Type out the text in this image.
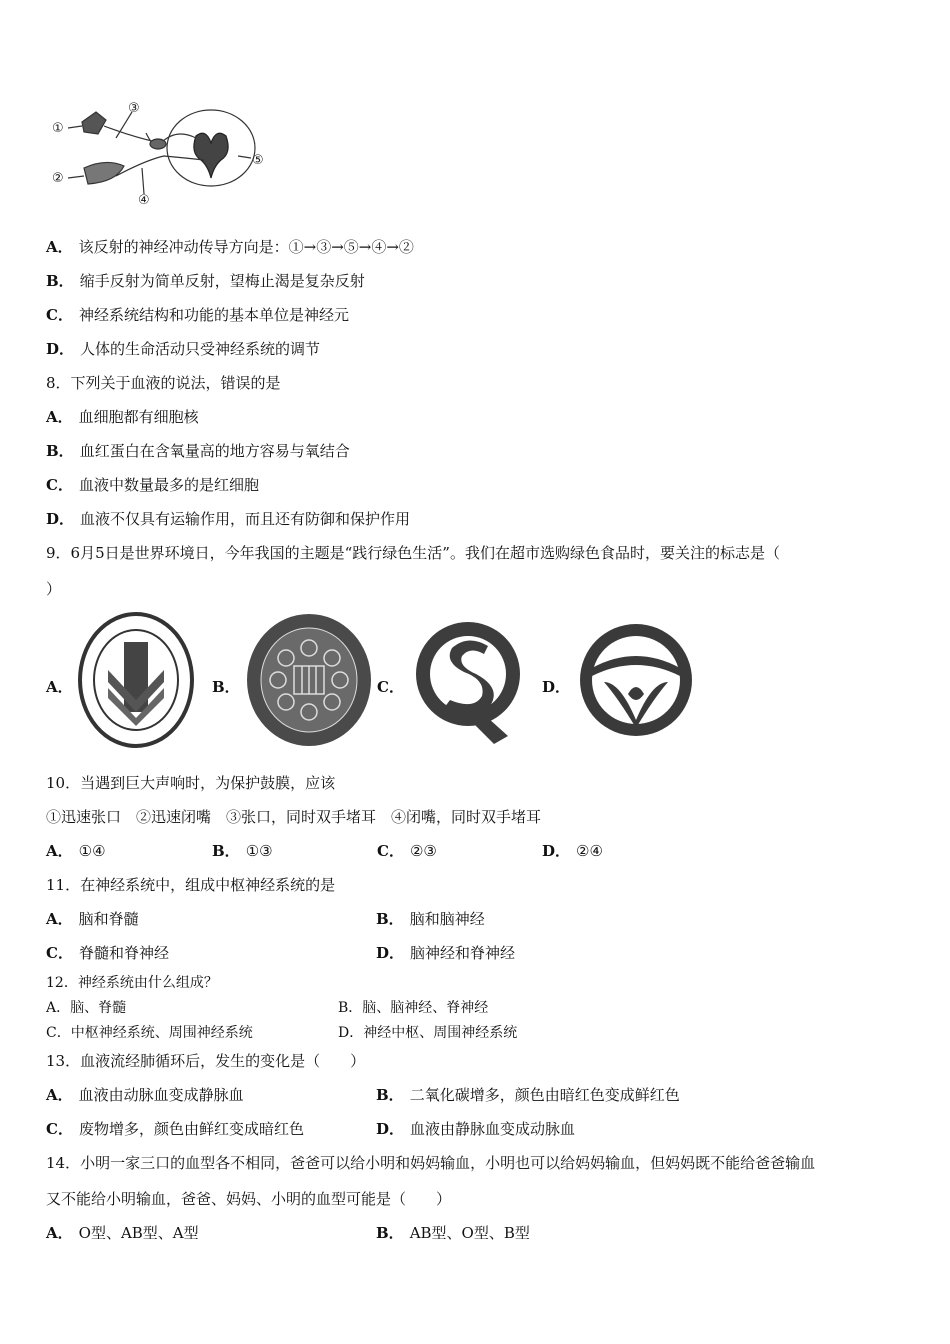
①
②
③
④
⑤
A． 该反射的神经冲动传导方向是：①→③→⑤→④→②
B． 缩手反射为简单反射，望梅止渴是复杂反射
C． 神经系统结构和功能的基本单位是神经元
D． 人体的生命活动只受神经系统的调节
8．下列关于血液的说法，错误的是
A． 血细胞都有细胞核
B． 血红蛋白在含氧量高的地方容易与氧结合
C． 血液中数量最多的是红细胞
D． 血液不仅具有运输作用，而且还有防御和保护作用
9．6月5日是世界环境日，今年我国的主题是“践行绿色生活”。我们在超市选购绿色食品时，要关注的标志是（
）
A．	B．	C．	D．
10．当遇到巨大声响时，为保护鼓膜，应该
①迅速张口　②迅速闭嘴　③张口，同时双手堵耳　④闭嘴，同时双手堵耳
A． ①④	B． ①③	C． ②③	D． ②④
11．在神经系统中，组成中枢神经系统的是
A． 脑和脊髓	B． 脑和脑神经
C． 脊髓和脊神经	D． 脑神经和脊神经
12．神经系统由什么组成？
A．脑、脊髓	B．脑、脑神经、脊神经
C．中枢神经系统、周围神经系统	D．神经中枢、周围神经系统
13．血液流经肺循环后，发生的变化是（　　）
A． 血液由动脉血变成静脉血	B． 二氧化碳增多，颜色由暗红色变成鲜红色
C． 废物增多，颜色由鲜红变成暗红色	D． 血液由静脉血变成动脉血
14．小明一家三口的血型各不相同，爸爸可以给小明和妈妈输血，小明也可以给妈妈输血，但妈妈既不能给爸爸输血
又不能给小明输血，爸爸、妈妈、小明的血型可能是（　　）
A． O型、AB型、A型	B． AB型、O型、B型
